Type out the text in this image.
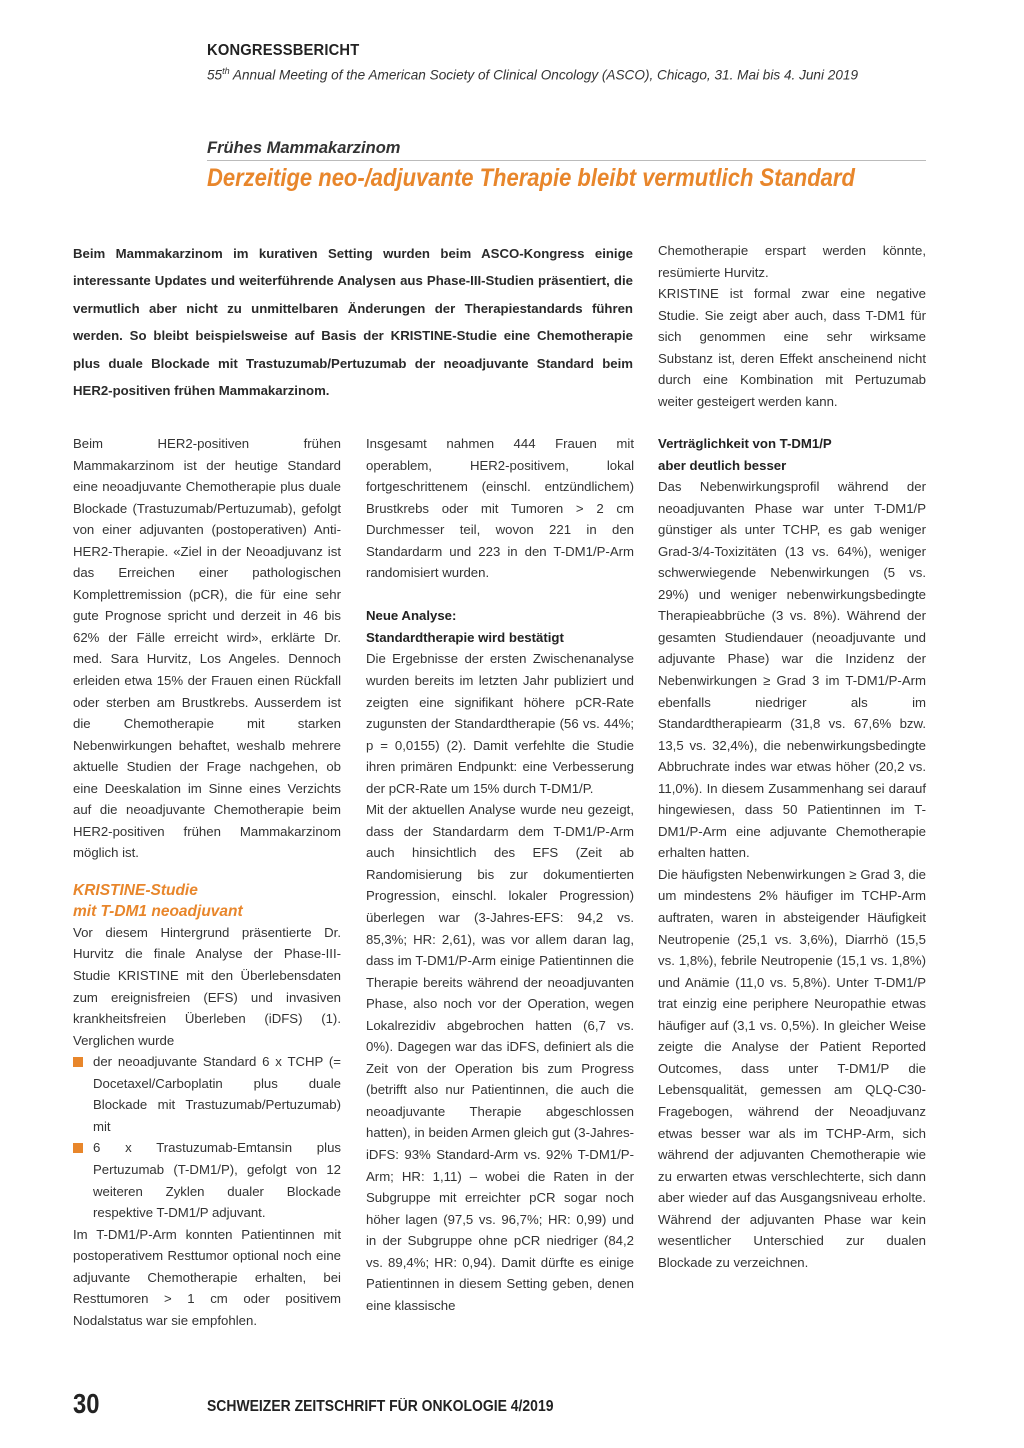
KONGRESSBERICHT
55th Annual Meeting of the American Society of Clinical Oncology (ASCO), Chicago, 31. Mai bis 4. Juni 2019
Frühes Mammakarzinom
Derzeitige neo-/adjuvante Therapie bleibt vermutlich Standard
Beim Mammakarzinom im kurativen Setting wurden beim ASCO-Kongress einige interessante Updates und weiterführende Analysen aus Phase-III-Studien präsentiert, die vermutlich aber nicht zu unmittelbaren Änderungen der Therapiestandards führen werden. So bleibt beispielsweise auf Basis der KRISTINE-Studie eine Chemotherapie plus duale Blockade mit Trastuzumab/Pertuzumab der neoadjuvante Standard beim HER2-positiven frühen Mammakarzinom.

Chemotherapie erspart werden könnte, resümierte Hurvitz.

KRISTINE ist formal zwar eine negative Studie. Sie zeigt aber auch, dass T-DM1 für sich genommen eine sehr wirksame Substanz ist, deren Effekt anscheinend nicht durch eine Kombination mit Pertuzumab weiter gesteigert werden kann.

Beim HER2-positiven frühen Mammakarzinom ist der heutige Standard eine neoadjuvante Chemotherapie plus duale Blockade (Trastuzumab/Pertuzumab), gefolgt von einer adjuvanten (postoperativen) Anti-HER2-Therapie. «Ziel in der Neoadjuvanz ist das Erreichen einer pathologischen Komplettremission (pCR), die für eine sehr gute Prognose spricht und derzeit in 46 bis 62% der Fälle erreicht wird», erklärte Dr. med. Sara Hurvitz, Los Angeles. Dennoch erleiden etwa 15% der Frauen einen Rückfall oder sterben am Brustkrebs. Ausserdem ist die Chemotherapie mit starken Nebenwirkungen behaftet, weshalb mehrere aktuelle Studien der Frage nachgehen, ob eine Deeskalation im Sinne eines Verzichts auf die neoadjuvante Chemotherapie beim HER2-positiven frühen Mammakarzinom möglich ist.

KRISTINE-Studie
mit T-DM1 neoadjuvant

Vor diesem Hintergrund präsentierte Dr. Hurvitz die finale Analyse der Phase-III-Studie KRISTINE mit den Überlebensdaten zum ereignisfreien (EFS) und invasiven krankheitsfreien Überleben (iDFS) (1). Verglichen wurde

der neoadjuvante Standard 6 x TCHP (= Docetaxel/Carboplatin plus duale Blockade mit Trastuzumab/Pertuzumab) mit
6 x Trastuzumab-Emtansin plus Pertuzumab (T-DM1/P), gefolgt von 12 weiteren Zyklen dualer Blockade respektive T-DM1/P adjuvant.

Im T-DM1/P-Arm konnten Patientinnen mit postoperativem Resttumor optional noch eine adjuvante Chemotherapie erhalten, bei Resttumoren > 1 cm oder positivem Nodalstatus war sie empfohlen.

Insgesamt nahmen 444 Frauen mit operablem, HER2-positivem, lokal fortgeschrittenem (einschl. entzündlichem) Brustkrebs oder mit Tumoren > 2 cm Durchmesser teil, wovon 221 in den Standardarm und 223 in den T-DM1/P-Arm randomisiert wurden.

Neue Analyse:
Standardtherapie wird bestätigt

Die Ergebnisse der ersten Zwischenanalyse wurden bereits im letzten Jahr publiziert und zeigten eine signifikant höhere pCR-Rate zugunsten der Standardtherapie (56 vs. 44%; p = 0,0155) (2). Damit verfehlte die Studie ihren primären Endpunkt: eine Verbesserung der pCR-Rate um 15% durch T-DM1/P.

Mit der aktuellen Analyse wurde neu gezeigt, dass der Standardarm dem T-DM1/P-Arm auch hinsichtlich des EFS (Zeit ab Randomisierung bis zur dokumentierten Progression, einschl. lokaler Progression) überlegen war (3-Jahres-EFS: 94,2 vs. 85,3%; HR: 2,61), was vor allem daran lag, dass im T-DM1/P-Arm einige Patientinnen die Therapie bereits während der neoadjuvanten Phase, also noch vor der Operation, wegen Lokalrezidiv abgebrochen hatten (6,7 vs. 0%). Dagegen war das iDFS, definiert als die Zeit von der Operation bis zum Progress (betrifft also nur Patientinnen, die auch die neoadjuvante Therapie abgeschlossen hatten), in beiden Armen gleich gut (3-Jahres-iDFS: 93% Standard-Arm vs. 92% T-DM1/P-Arm; HR: 1,11) – wobei die Raten in der Subgruppe mit erreichter pCR sogar noch höher lagen (97,5 vs. 96,7%; HR: 0,99) und in der Subgruppe ohne pCR niedriger (84,2 vs. 89,4%; HR: 0,94). Damit dürfte es einige Patientinnen in diesem Setting geben, denen eine klassische

Verträglichkeit von T-DM1/P
aber deutlich besser

Das Nebenwirkungsprofil während der neoadjuvanten Phase war unter T-DM1/P günstiger als unter TCHP, es gab weniger Grad-3/4-Toxizitäten (13 vs. 64%), weniger schwerwiegende Nebenwirkungen (5 vs. 29%) und weniger nebenwirkungsbedingte Therapieabbrüche (3 vs. 8%). Während der gesamten Studiendauer (neoadjuvante und adjuvante Phase) war die Inzidenz der Nebenwirkungen ≥ Grad 3 im T-DM1/P-Arm ebenfalls niedriger als im Standardtherapiearm (31,8 vs. 67,6% bzw. 13,5 vs. 32,4%), die nebenwirkungsbedingte Abbruchrate indes war etwas höher (20,2 vs. 11,0%). In diesem Zusammenhang sei darauf hingewiesen, dass 50 Patientinnen im T-DM1/P-Arm eine adjuvante Chemotherapie erhalten hatten.

Die häufigsten Nebenwirkungen ≥ Grad 3, die um mindestens 2% häufiger im TCHP-Arm auftraten, waren in absteigender Häufigkeit Neutropenie (25,1 vs. 3,6%), Diarrhö (15,5 vs. 1,8%), febrile Neutropenie (15,1 vs. 1,8%) und Anämie (11,0 vs. 5,8%). Unter T-DM1/P trat einzig eine periphere Neuropathie etwas häufiger auf (3,1 vs. 0,5%). In gleicher Weise zeigte die Analyse der Patient Reported Outcomes, dass unter T-DM1/P die Lebensqualität, gemessen am QLQ-C30-Fragebogen, während der Neoadjuvanz etwas besser war als im TCHP-Arm, sich während der adjuvanten Chemotherapie wie zu erwarten etwas verschlechterte, sich dann aber wieder auf das Ausgangsniveau erholte. Während der adjuvanten Phase war kein wesentlicher Unterschied zur dualen Blockade zu verzeichnen.

30	SCHWEIZER ZEITSCHRIFT FÜR ONKOLOGIE 4/2019
